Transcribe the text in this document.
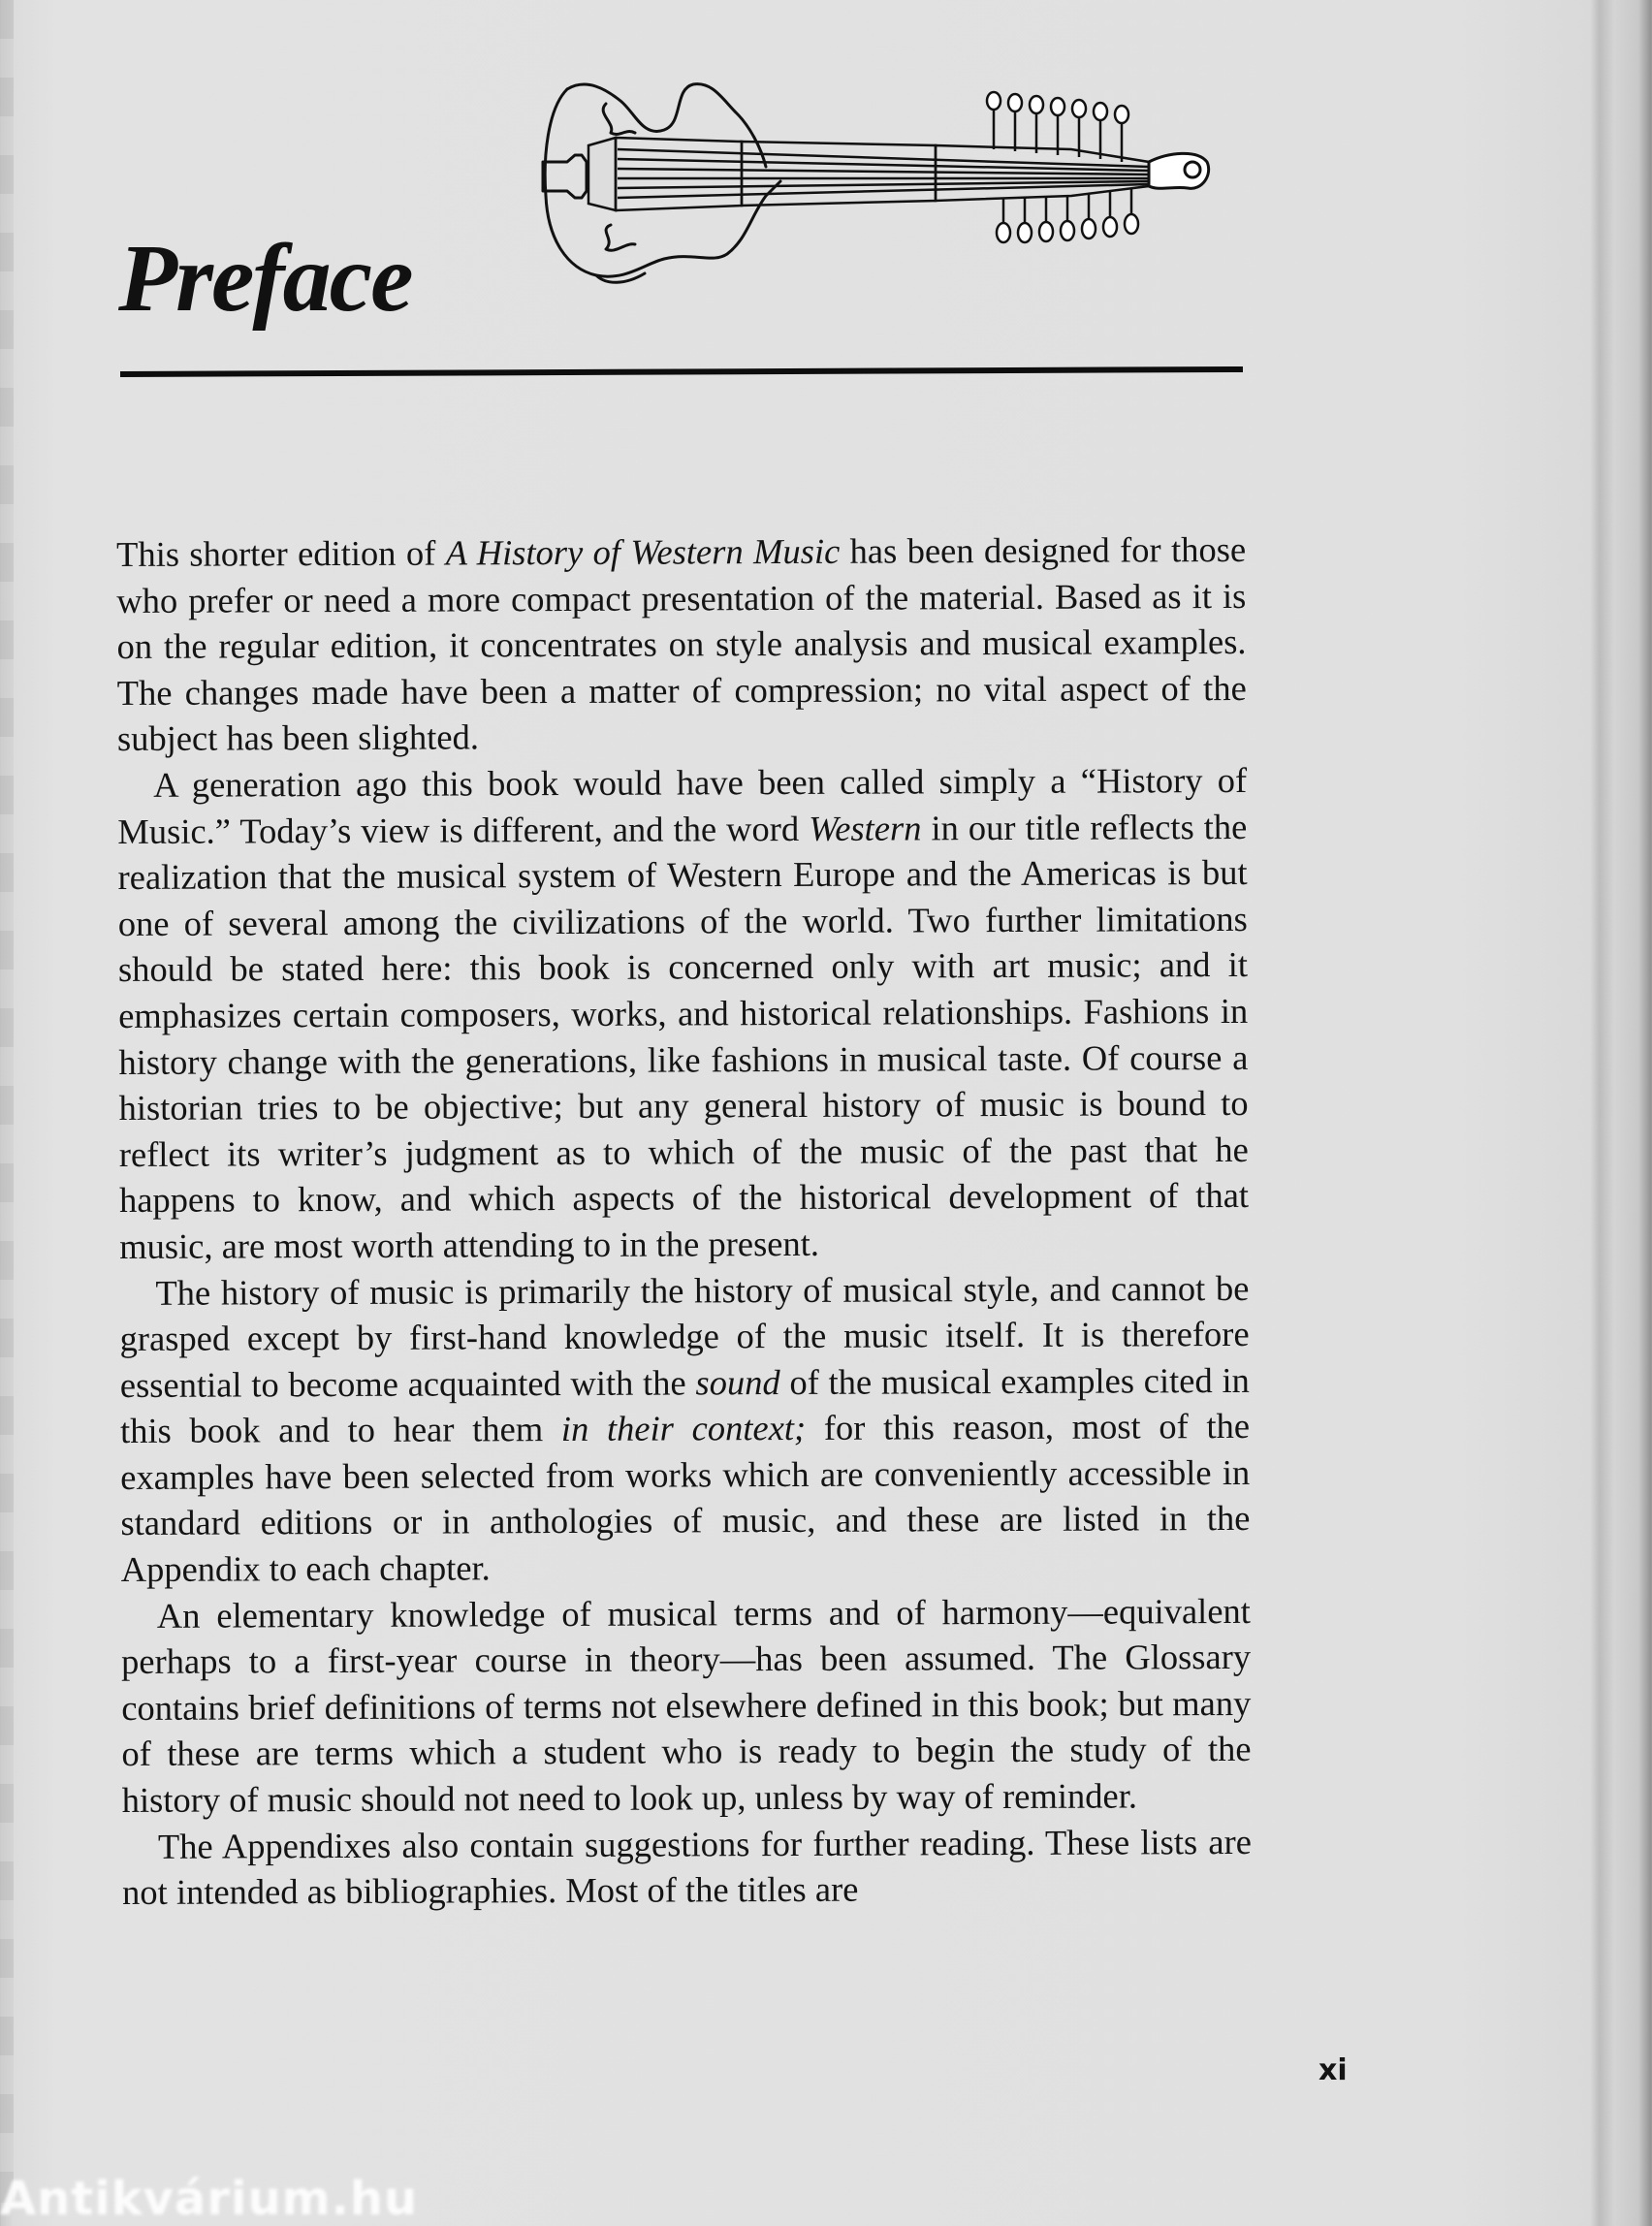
Preface

This shorter edition of A History of Western Music has been designed for those who prefer or need a more compact presentation of the material. Based as it is on the regular edition, it concentrates on style analysis and musical examples. The changes made have been a matter of compression; no vital aspect of the subject has been slighted.

A generation ago this book would have been called simply a “History of Music.” Today’s view is different, and the word Western in our title reflects the realization that the musical system of Western Europe and the Americas is but one of several among the civilizations of the world. Two further limitations should be stated here: this book is concerned only with art music; and it emphasizes certain composers, works, and historical relationships. Fashions in history change with the generations, like fashions in musical taste. Of course a historian tries to be objective; but any general history of music is bound to reflect its writer’s judgment as to which of the music of the past that he happens to know, and which aspects of the historical development of that music, are most worth attending to in the present.

The history of music is primarily the history of musical style, and cannot be grasped except by first-hand knowledge of the music itself. It is therefore essential to become acquainted with the sound of the musical examples cited in this book and to hear them in their context; for this reason, most of the examples have been selected from works which are conveniently accessible in standard editions or in anthologies of music, and these are listed in the Appendix to each chapter.

An elementary knowledge of musical terms and of harmony—equivalent perhaps to a first-year course in theory—has been assumed. The Glossary contains brief definitions of terms not elsewhere defined in this book; but many of these are terms which a student who is ready to begin the study of the history of music should not need to look up, unless by way of reminder.

The Appendixes also contain suggestions for further reading. These lists are not intended as bibliographies. Most of the titles are

xi
Antikvárium.hu
